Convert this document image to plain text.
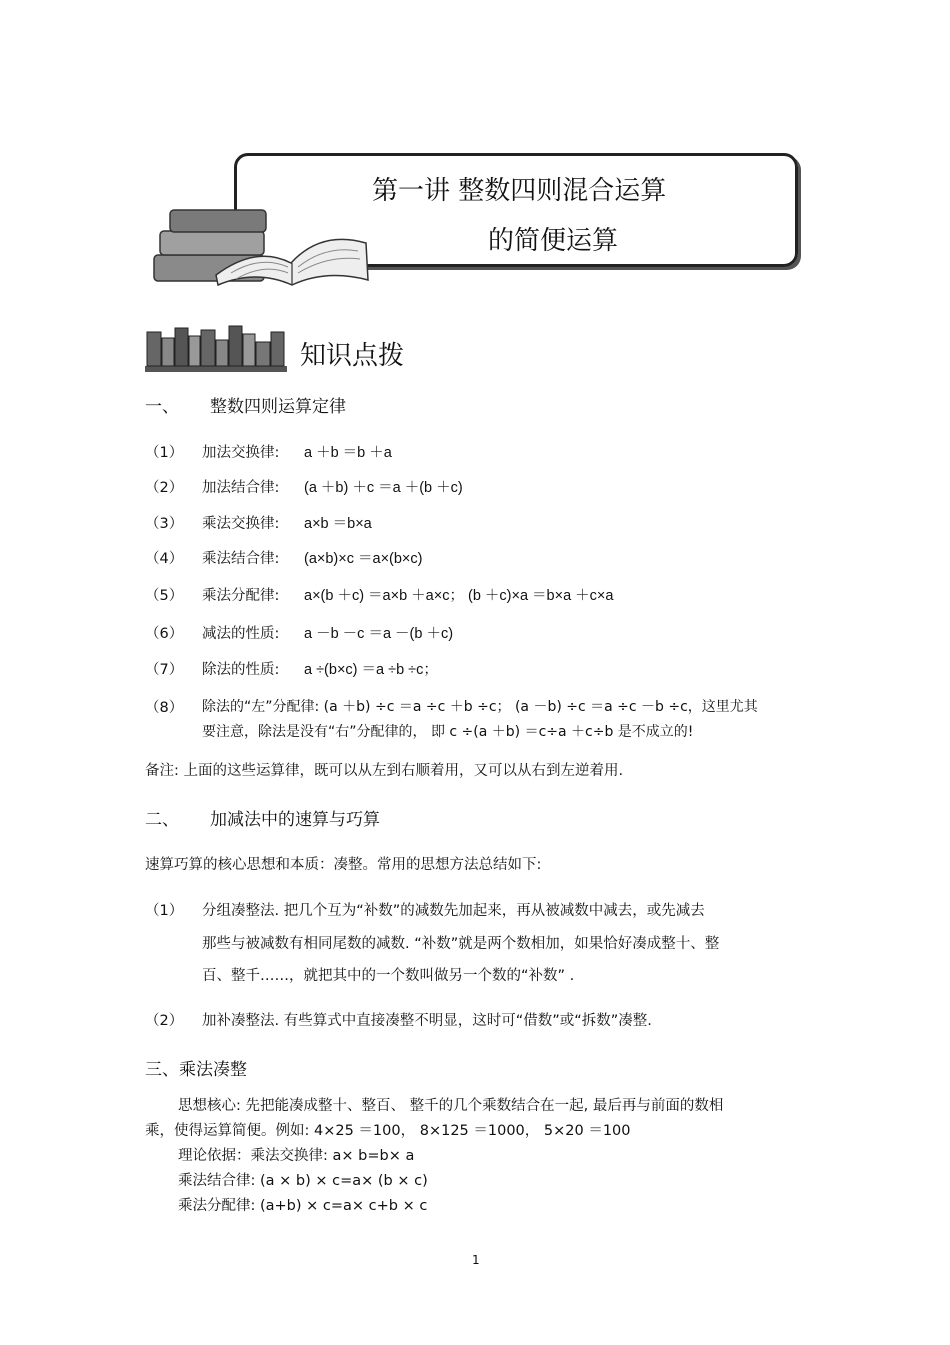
第一讲 整数四则混合运算
的简便运算
知识点拨
一、 整数四则运算定律
（1） 加法交换律: a ＋b ＝b ＋a
（2） 加法结合律: (a ＋b) ＋c ＝a ＋(b ＋c)
（3） 乘法交换律: a×b ＝b×a
（4） 乘法结合律: (a×b)×c ＝a×(b×c)
（5） 乘法分配律: a×(b ＋c) ＝a×b ＋a×c； (b ＋c)×a ＝b×a ＋c×a
（6） 减法的性质: a －b －c ＝a －(b ＋c)
（7） 除法的性质: a ÷(b×c) ＝a ÷b ÷c；
（8） 除法的“左”分配律: (a ＋b) ÷c ＝a ÷c ＋b ÷c； (a －b) ÷c ＝a ÷c －b ÷c，这里尤其
要注意，除法是没有“右”分配律的， 即 c ÷(a ＋b) ＝c÷a ＋c÷b 是不成立的!
备注: 上面的这些运算律，既可以从左到右顺着用，又可以从右到左逆着用.
二、 加减法中的速算与巧算
速算巧算的核心思想和本质：凑整。常用的思想方法总结如下:
（1） 分组凑整法. 把几个互为“补数”的减数先加起来，再从被减数中减去，或先减去
那些与被减数有相同尾数的减数. “补数”就是两个数相加，如果恰好凑成整十、整
百、整千……，就把其中的一个数叫做另一个数的“补数” .
（2） 加补凑整法. 有些算式中直接凑整不明显，这时可“借数”或“拆数”凑整.
三、乘法凑整
思想核心: 先把能凑成整十、整百、 整千的几个乘数结合在一起, 最后再与前面的数相
乘，使得运算简便。例如: 4×25 ＝100， 8×125 ＝1000， 5×20 ＝100
理论依据：乘法交换律: a× b=b× a
乘法结合律: (a × b) × c=a× (b × c)
乘法分配律: (a+b) × c=a× c+b × c
1
